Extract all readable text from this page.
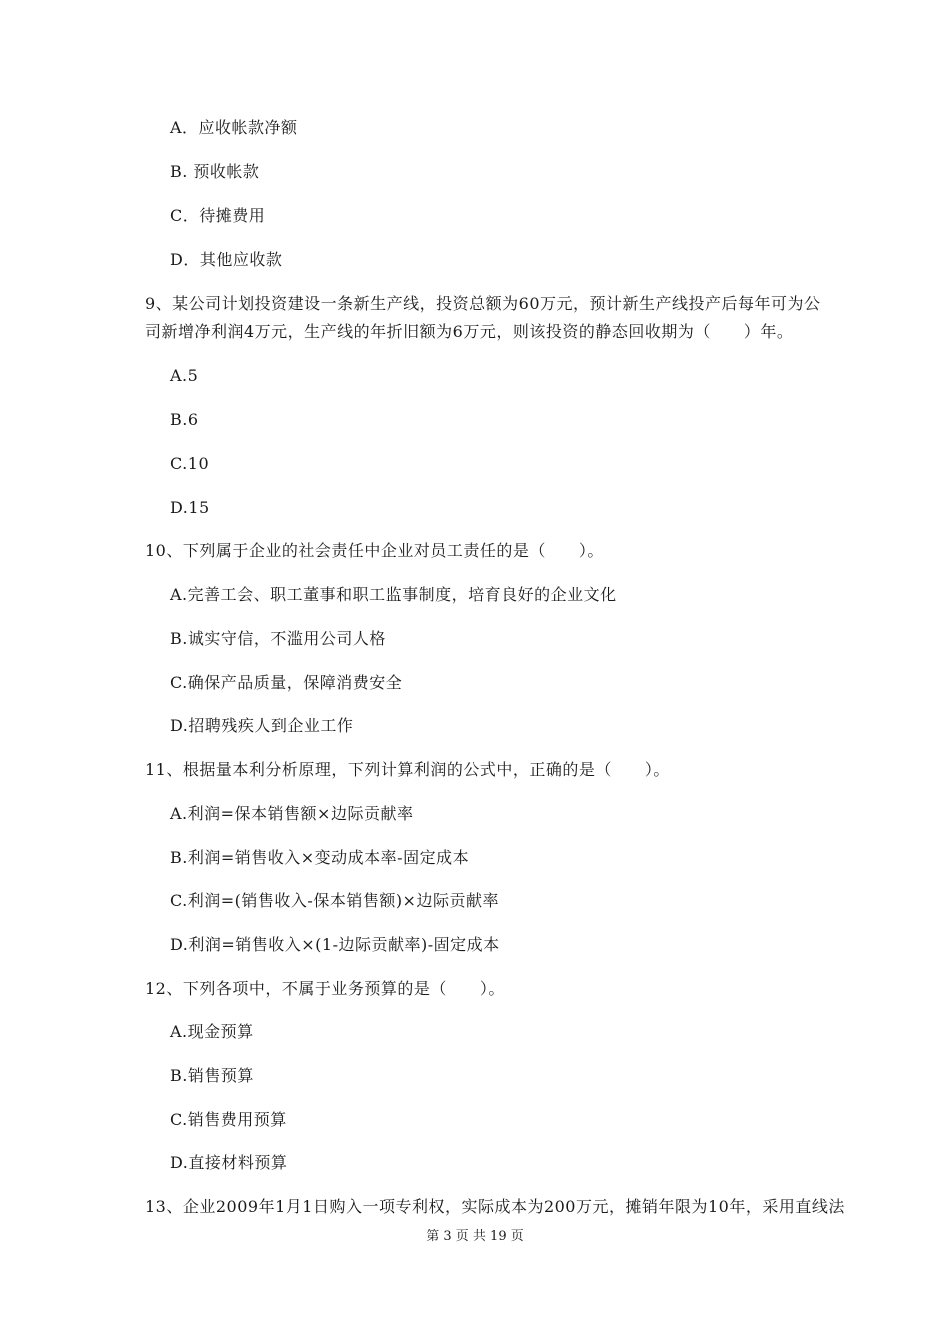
A．应收帐款净额
B. 预收帐款
C．待摊费用
D．其他应收款
9、某公司计划投资建设一条新生产线，投资总额为60万元，预计新生产线投产后每年可为公
司新增净利润4万元，生产线的年折旧额为6万元，则该投资的静态回收期为（　　）年。
A.5
B.6
C.10
D.15
10、下列属于企业的社会责任中企业对员工责任的是（　　）。
A.完善工会、职工董事和职工监事制度，培育良好的企业文化
B.诚实守信，不滥用公司人格
C.确保产品质量，保障消费安全
D.招聘残疾人到企业工作
11、根据量本利分析原理，下列计算利润的公式中，正确的是（　　）。
A.利润=保本销售额×边际贡献率
B.利润=销售收入×变动成本率-固定成本
C.利润=(销售收入-保本销售额)×边际贡献率
D.利润=销售收入×(1-边际贡献率)-固定成本
12、下列各项中，不属于业务预算的是（　　）。
A.现金预算
B.销售预算
C.销售费用预算
D.直接材料预算
13、企业2009年1月1日购入一项专利权，实际成本为200万元，摊销年限为10年，采用直线法
第 3 页 共 19 页
